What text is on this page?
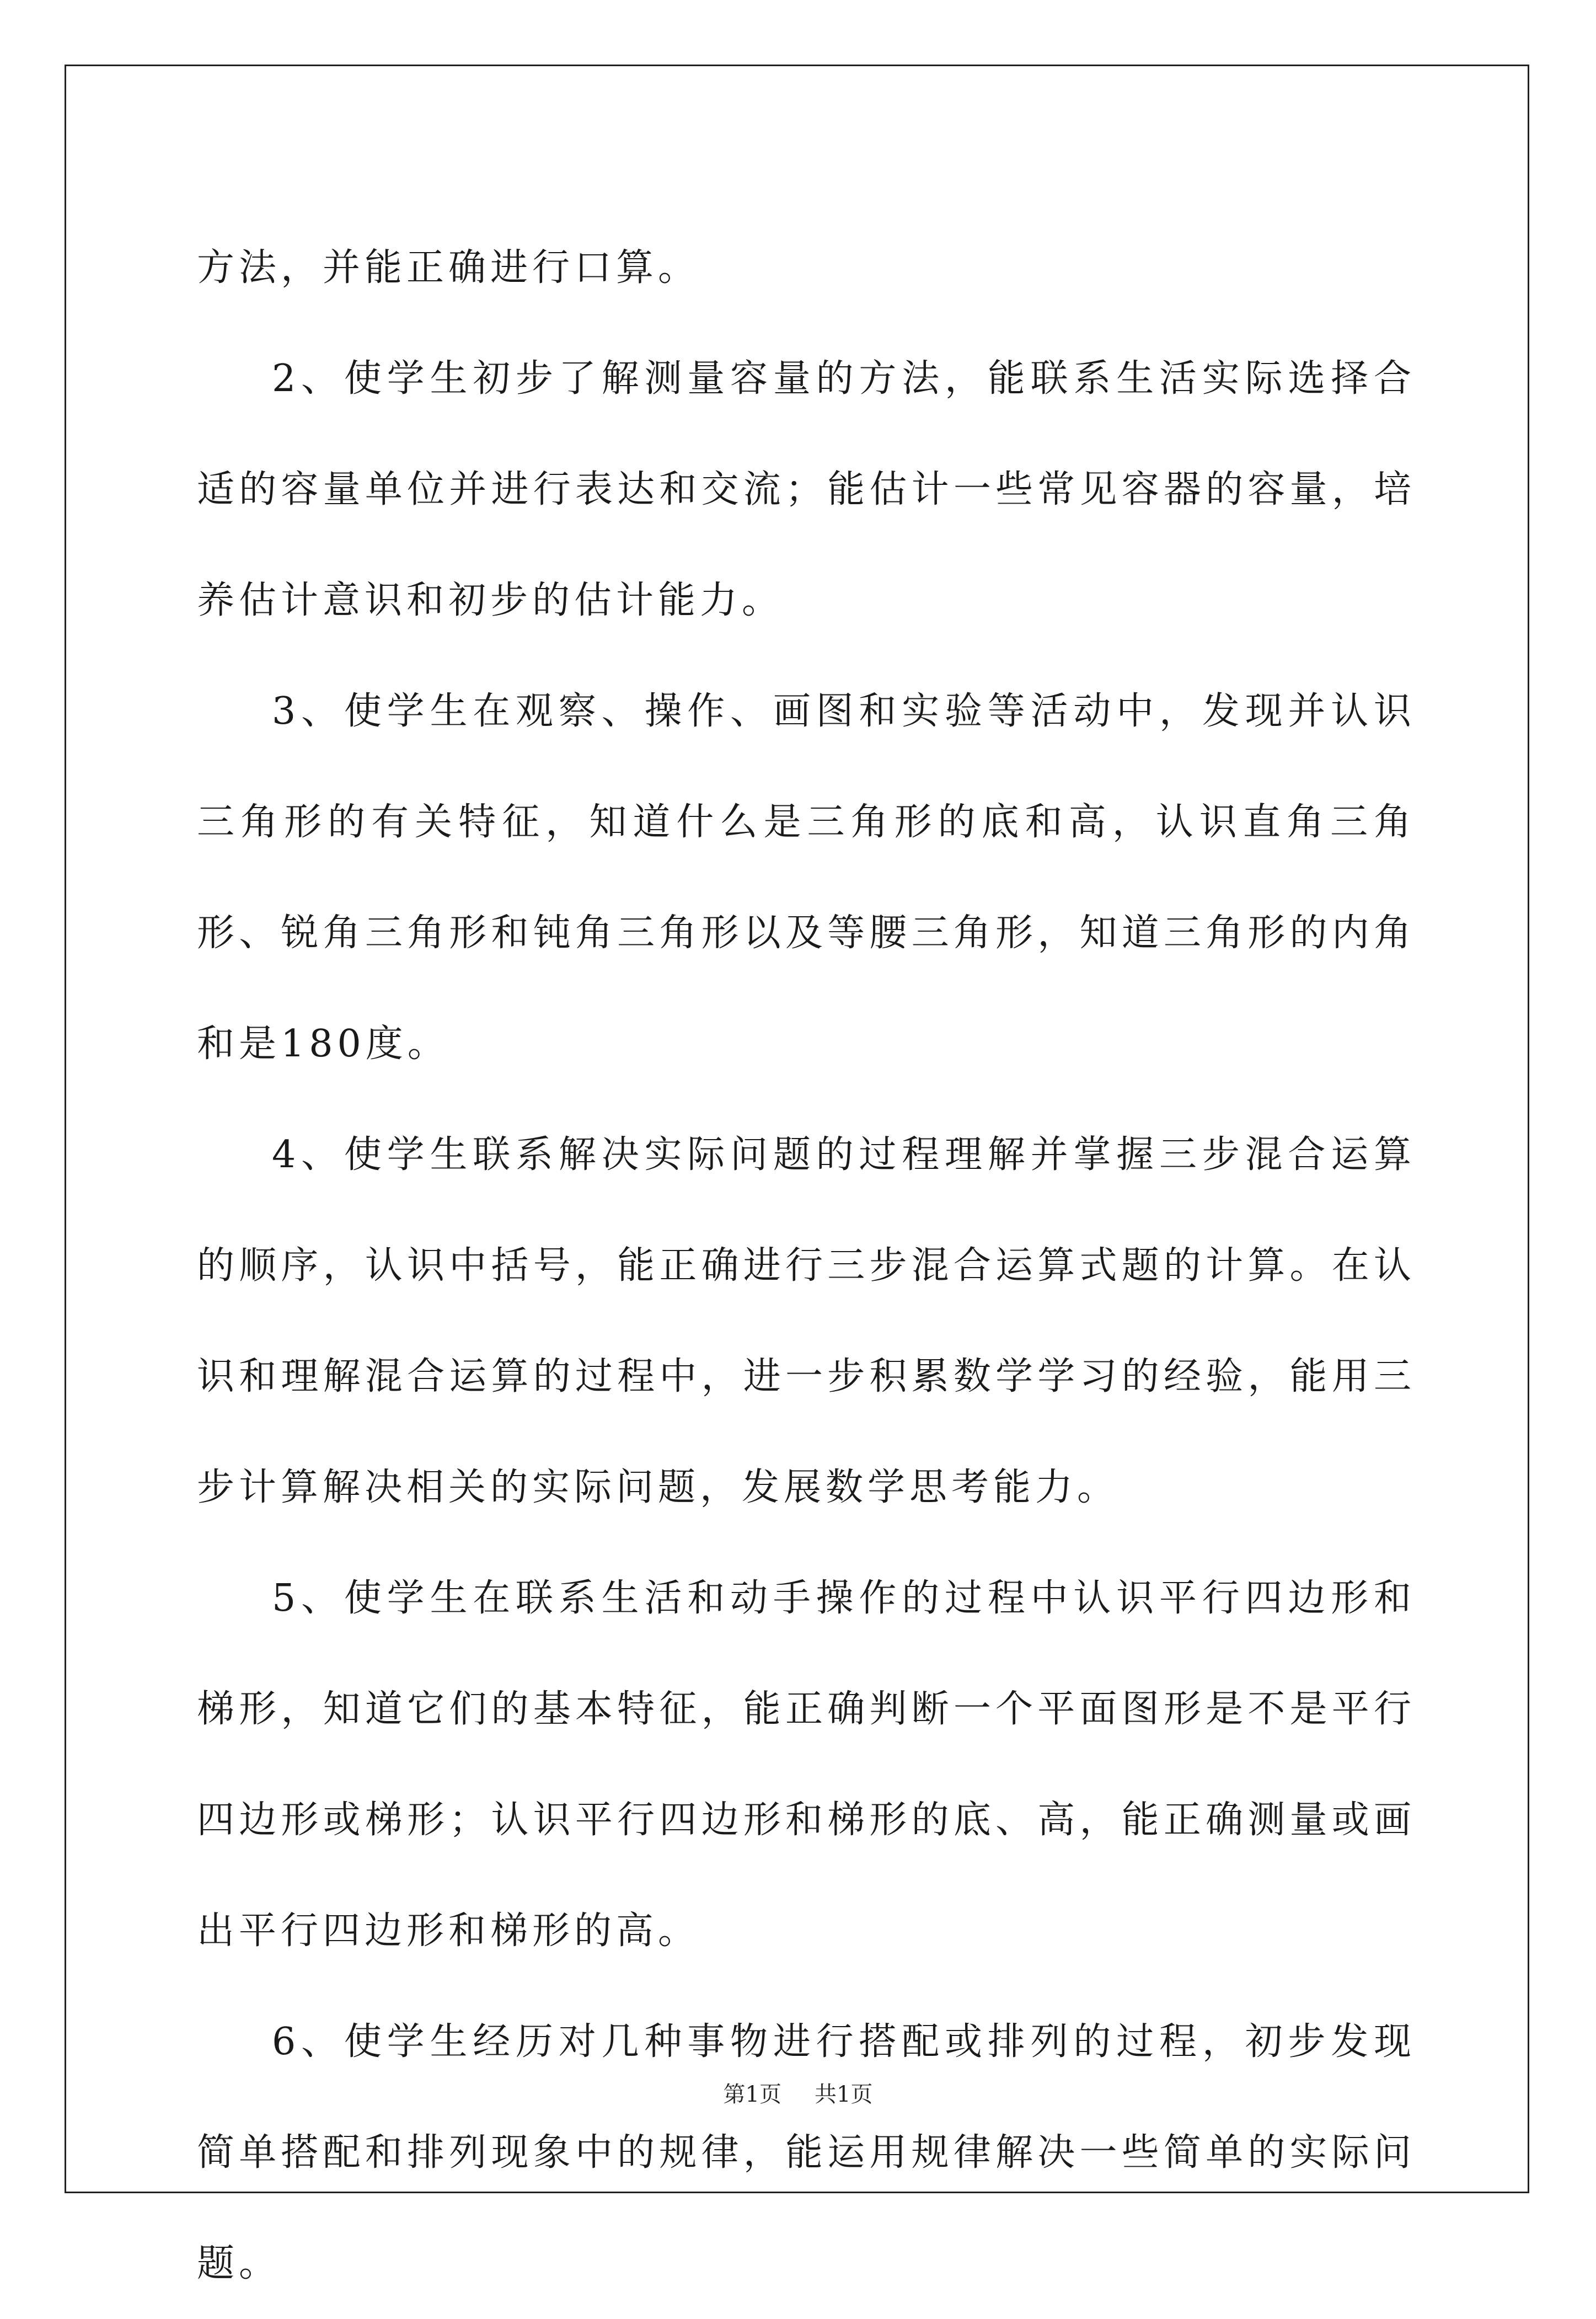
方法，并能正确进行口算。

2、使学生初步了解测量容量的方法，能联系生活实际选择合适的容量单位并进行表达和交流；能估计一些常见容器的容量，培养估计意识和初步的估计能力。

3、使学生在观察、操作、画图和实验等活动中，发现并认识三角形的有关特征，知道什么是三角形的底和高，认识直角三角形、锐角三角形和钝角三角形以及等腰三角形，知道三角形的内角和是180度。

4、使学生联系解决实际问题的过程理解并掌握三步混合运算的顺序，认识中括号，能正确进行三步混合运算式题的计算。在认识和理解混合运算的过程中，进一步积累数学学习的经验，能用三步计算解决相关的实际问题，发展数学思考能力。

5、使学生在联系生活和动手操作的过程中认识平行四边形和梯形，知道它们的基本特征，能正确判断一个平面图形是不是平行四边形或梯形；认识平行四边形和梯形的底、高，能正确测量或画出平行四边形和梯形的高。

6、使学生经历对几种事物进行搭配或排列的过程，初步发现简单搭配和排列现象中的规律，能运用规律解决一些简单的实际问题。

第1页 共1页
